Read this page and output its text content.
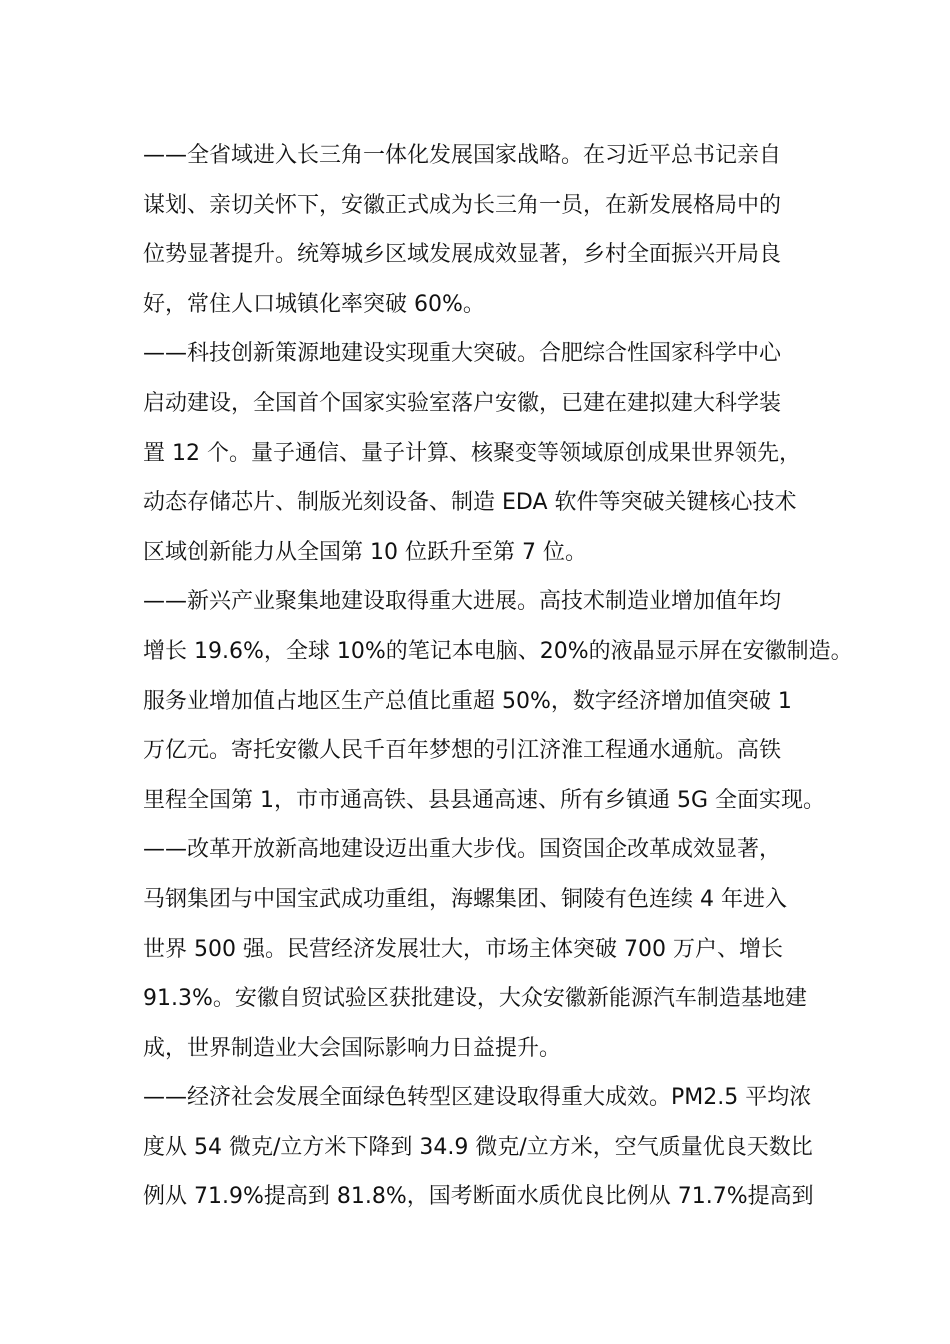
——全省域进入长三角一体化发展国家战略。在习近平总书记亲自
谋划、亲切关怀下，安徽正式成为长三角一员，在新发展格局中的
位势显著提升。统筹城乡区域发展成效显著，乡村全面振兴开局良
好，常住人口城镇化率突破 60%。
——科技创新策源地建设实现重大突破。合肥综合性国家科学中心
启动建设，全国首个国家实验室落户安徽，已建在建拟建大科学装
置 12 个。量子通信、量子计算、核聚变等领域原创成果世界领先，
动态存储芯片、制版光刻设备、制造 EDA 软件等突破关键核心技术
区域创新能力从全国第 10 位跃升至第 7 位。
——新兴产业聚集地建设取得重大进展。高技术制造业增加值年均
增长 19.6%，全球 10%的笔记本电脑、20%的液晶显示屏在安徽制造。
服务业增加值占地区生产总值比重超 50%，数字经济增加值突破 1
万亿元。寄托安徽人民千百年梦想的引江济淮工程通水通航。高铁
里程全国第 1，市市通高铁、县县通高速、所有乡镇通 5G 全面实现。
——改革开放新高地建设迈出重大步伐。国资国企改革成效显著，
马钢集团与中国宝武成功重组，海螺集团、铜陵有色连续 4 年进入
世界 500 强。民营经济发展壮大，市场主体突破 700 万户、增长
91.3%。安徽自贸试验区获批建设，大众安徽新能源汽车制造基地建
成，世界制造业大会国际影响力日益提升。
——经济社会发展全面绿色转型区建设取得重大成效。PM2.5 平均浓
度从 54 微克/立方米下降到 34.9 微克/立方米，空气质量优良天数比
例从 71.9%提高到 81.8%，国考断面水质优良比例从 71.7%提高到
